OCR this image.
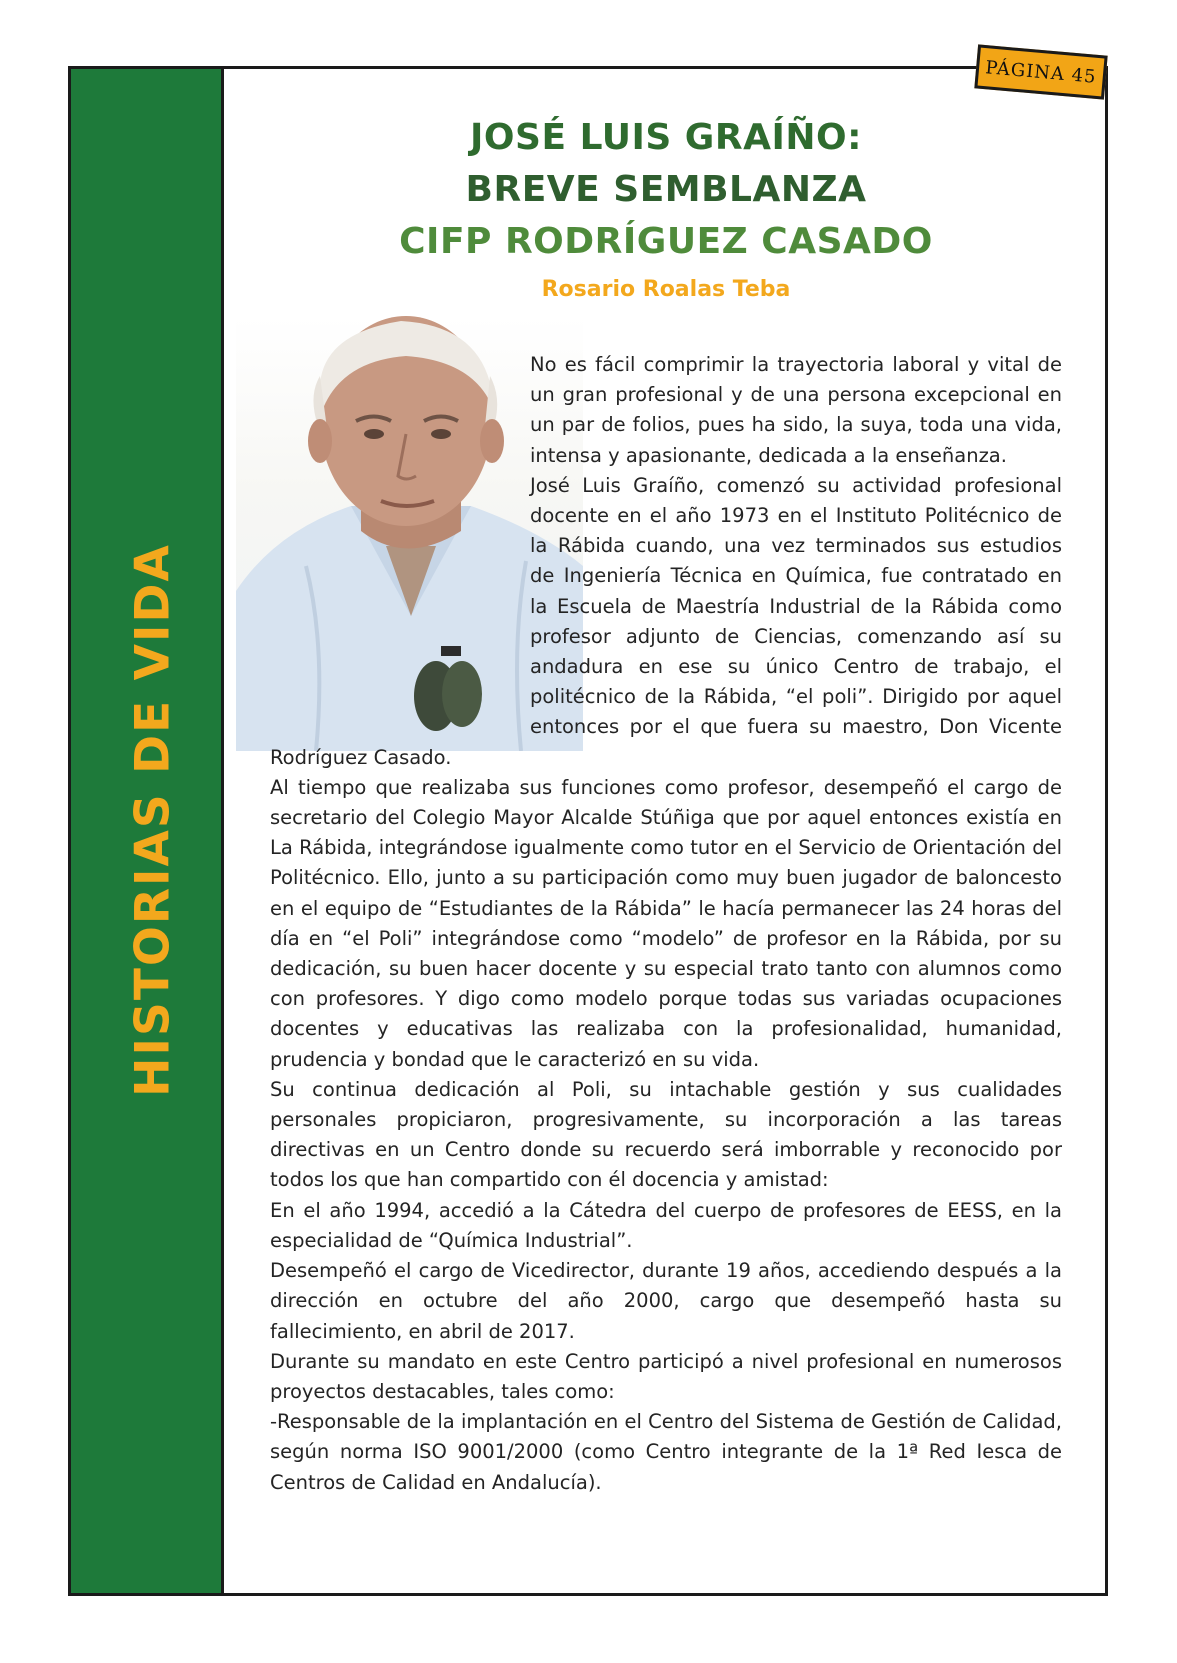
HISTORIAS DE VIDA
PÁGINA 45
JOSÉ LUIS GRAÍÑO:
BREVE SEMBLANZA
CIFP RODRÍGUEZ CASADO
Rosario Roalas Teba

No es fácil comprimir la trayectoria laboral y vital de un gran profesional y de una persona excepcional en un par de folios, pues ha sido, la suya, toda una vida, intensa y apasionante, dedicada a la enseñanza.

José Luis Graíño, comenzó su actividad profesional docente en el año 1973 en el Instituto Politécnico de la Rábida cuando, una vez terminados sus estudios de Ingeniería Técnica en Química, fue contratado en la Escuela de Maestría Industrial de la Rábida como profesor adjunto de Ciencias, comenzando así su andadura en ese su único Centro de trabajo, el politécnico de la Rábida, “el poli”. Dirigido por aquel entonces por el que fuera su maestro, Don Vicente Rodríguez Casado.

Al tiempo que realizaba sus funciones como profesor, desempeñó el cargo de secretario del Colegio Mayor Alcalde Stúñiga que por aquel entonces existía en La Rábida, integrándose igualmente como tutor en el Servicio de Orientación del Politécnico. Ello, junto a su participación como muy buen jugador de baloncesto en el equipo de “Estudiantes de la Rábida” le hacía permanecer las 24 horas del día en “el Poli” integrándose como “modelo” de profesor en la Rábida, por su dedicación, su buen hacer docente y su especial trato tanto con alumnos como con profesores. Y digo como modelo porque todas sus variadas ocupaciones docentes y educativas las realizaba con la profesionalidad, humanidad, prudencia y bondad que le caracterizó en su vida.

Su continua dedicación al Poli, su intachable gestión y sus cualidades personales propiciaron, progresivamente, su incorporación a las tareas directivas en un Centro donde su recuerdo será imborrable y reconocido por todos los que han compartido con él docencia y amistad:

En el año 1994, accedió a la Cátedra del cuerpo de profesores de EESS, en la especialidad de “Química Industrial”.

Desempeñó el cargo de Vicedirector, durante 19 años, accediendo después a la dirección en octubre del año 2000, cargo que desempeñó hasta su fallecimiento, en abril de 2017.

Durante su mandato en este Centro participó a nivel profesional en numerosos proyectos destacables, tales como:

-Responsable de la implantación en el Centro del Sistema de Gestión de Calidad, según norma ISO 9001/2000 (como Centro integrante de la 1ª Red Iesca de Centros de Calidad en Andalucía).
